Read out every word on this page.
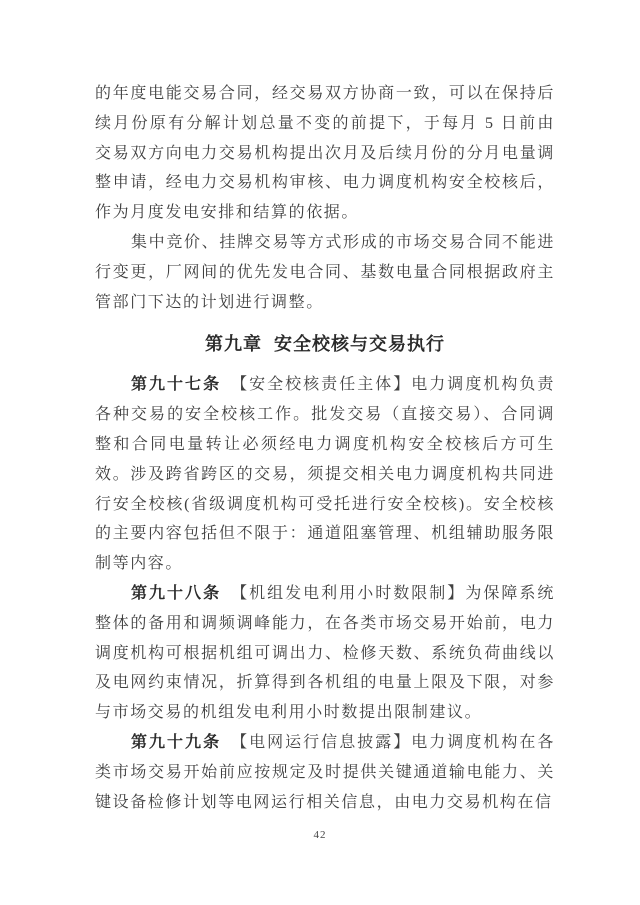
的年度电能交易合同，经交易双方协商一致，可以在保持后续月份原有分解计划总量不变的前提下，于每月 5 日前由交易双方向电力交易机构提出次月及后续月份的分月电量调整申请，经电力交易机构审核、电力调度机构安全校核后，作为月度发电安排和结算的依据。

集中竞价、挂牌交易等方式形成的市场交易合同不能进行变更，厂网间的优先发电合同、基数电量合同根据政府主管部门下达的计划进行调整。

第九章 安全校核与交易执行

第九十七条 【安全校核责任主体】电力调度机构负责各种交易的安全校核工作。批发交易（直接交易）、合同调整和合同电量转让必须经电力调度机构安全校核后方可生效。涉及跨省跨区的交易，须提交相关电力调度机构共同进行安全校核(省级调度机构可受托进行安全校核)。安全校核的主要内容包括但不限于：通道阻塞管理、机组辅助服务限制等内容。

第九十八条 【机组发电利用小时数限制】为保障系统整体的备用和调频调峰能力，在各类市场交易开始前，电力调度机构可根据机组可调出力、检修天数、系统负荷曲线以及电网约束情况，折算得到各机组的电量上限及下限，对参与市场交易的机组发电利用小时数提出限制建议。

第九十九条 【电网运行信息披露】电力调度机构在各类市场交易开始前应按规定及时提供关键通道输电能力、关键设备检修计划等电网运行相关信息，由电力交易机构在信

42
